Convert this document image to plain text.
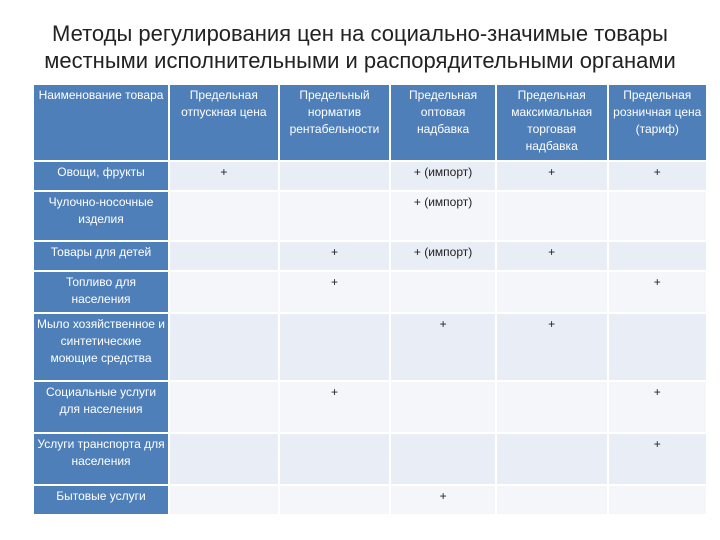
Методы регулирования цен на социально-значимые товары
местными исполнительными и распорядительными органами
Наименование товара	Предельная отпускная цена	Предельный норматив рентабельности	Предельная оптовая надбавка	Предельная максимальная торговая надбавка	Предельная розничная цена (тариф)
Овощи, фрукты	+		+ (импорт)	+	+
Чулочно-носочные изделия			+ (импорт)		
Товары для детей		+	+ (импорт)	+	
Топливо для населения		+			+
Мыло хозяйственное и синтетические моющие средства			+	+	
Социальные услуги для населения		+			+
Услуги транспорта для населения					+
Бытовые услуги			+		
